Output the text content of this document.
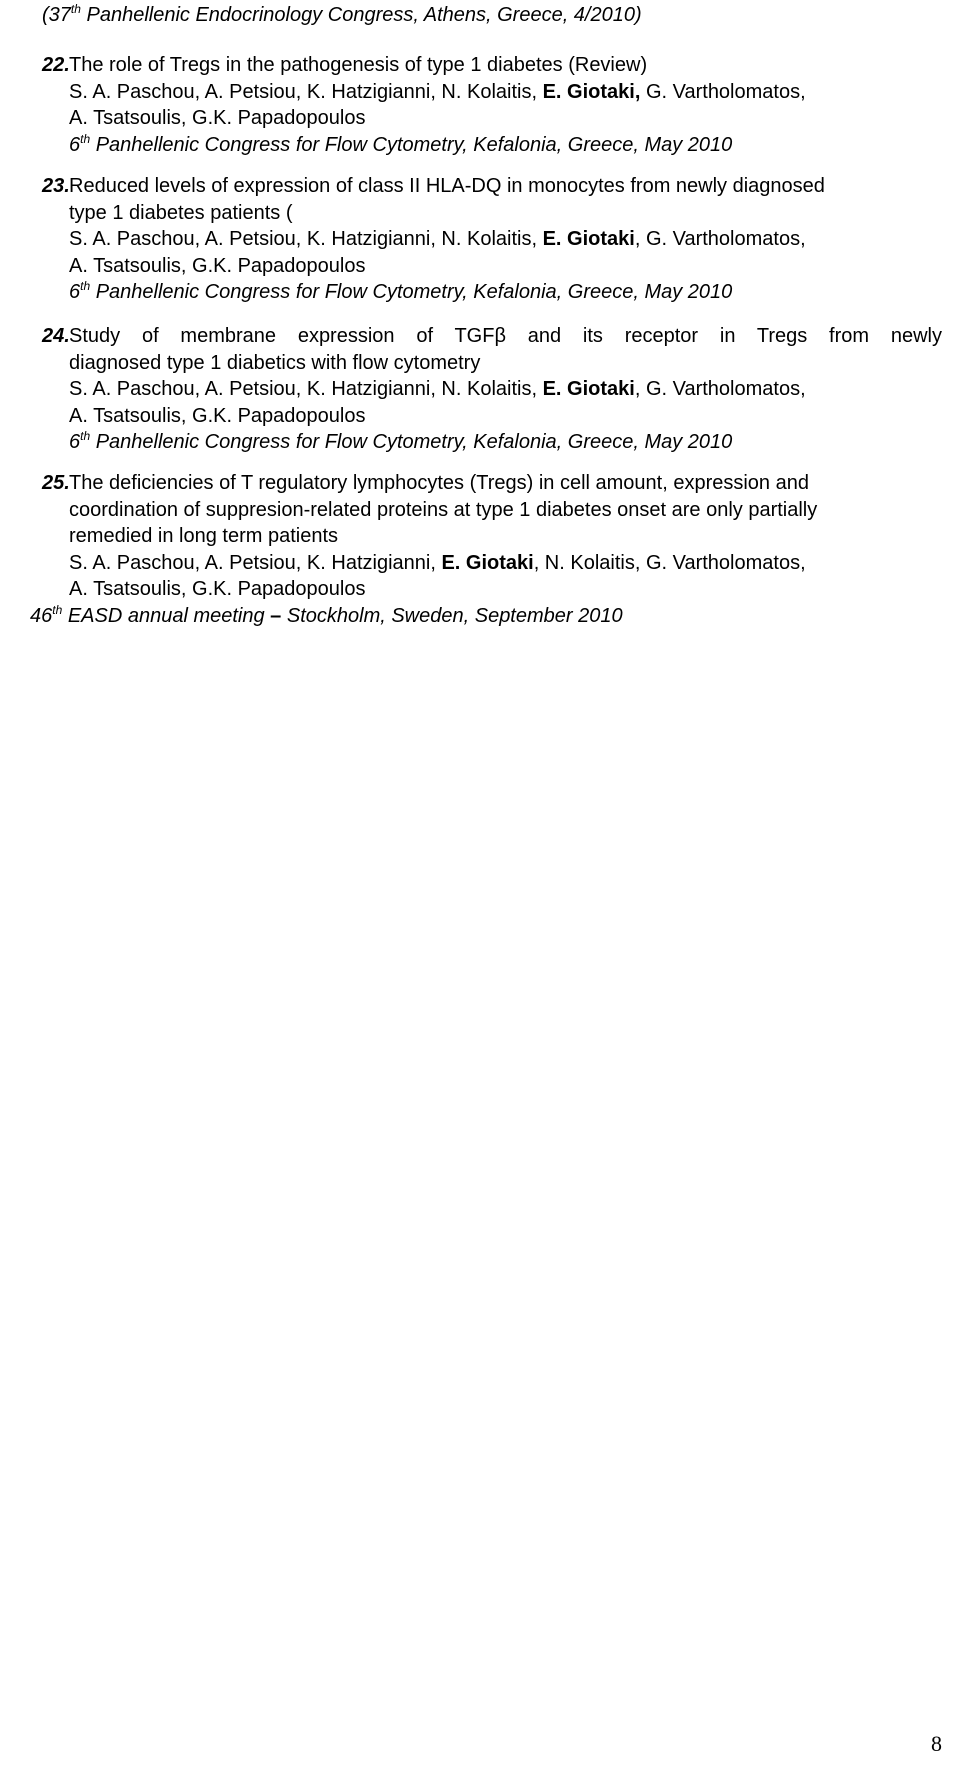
(37th Panhellenic Endocrinology Congress, Athens, Greece, 4/2010)
22.The role of Tregs in the pathogenesis of type 1 diabetes (Review)
S. A. Paschou, A. Petsiou, K. Hatzigianni, N. Kolaitis, E. Giotaki, G. Vartholomatos,
A. Tsatsoulis, G.K. Papadopoulos
6th Panhellenic Congress for Flow Cytometry, Kefalonia, Greece, May 2010
23.Reduced levels of expression of class II HLA-DQ in monocytes from newly diagnosed
type 1 diabetes patients (
S. A. Paschou, A. Petsiou, K. Hatzigianni, N. Kolaitis, E. Giotaki, G. Vartholomatos,
A. Tsatsoulis, G.K. Papadopoulos
6th Panhellenic Congress for Flow Cytometry, Kefalonia, Greece, May 2010
24.Study of membrane expression of TGFβ and its receptor in Tregs from newly
diagnosed type 1 diabetics with flow cytometry
S. A. Paschou, A. Petsiou, K. Hatzigianni, N. Kolaitis, E. Giotaki, G. Vartholomatos,
A. Tsatsoulis, G.K. Papadopoulos
6th Panhellenic Congress for Flow Cytometry, Kefalonia, Greece, May 2010
25.The deficiencies of T regulatory lymphocytes (Tregs) in cell amount, expression and
coordination of suppresion-related proteins at type 1 diabetes onset are only partially
remedied in long term patients
S. A. Paschou, A. Petsiou, K. Hatzigianni, E. Giotaki, N. Kolaitis, G. Vartholomatos,
A. Tsatsoulis, G.K. Papadopoulos
46th EASD annual meeting – Stockholm, Sweden, September 2010
8
